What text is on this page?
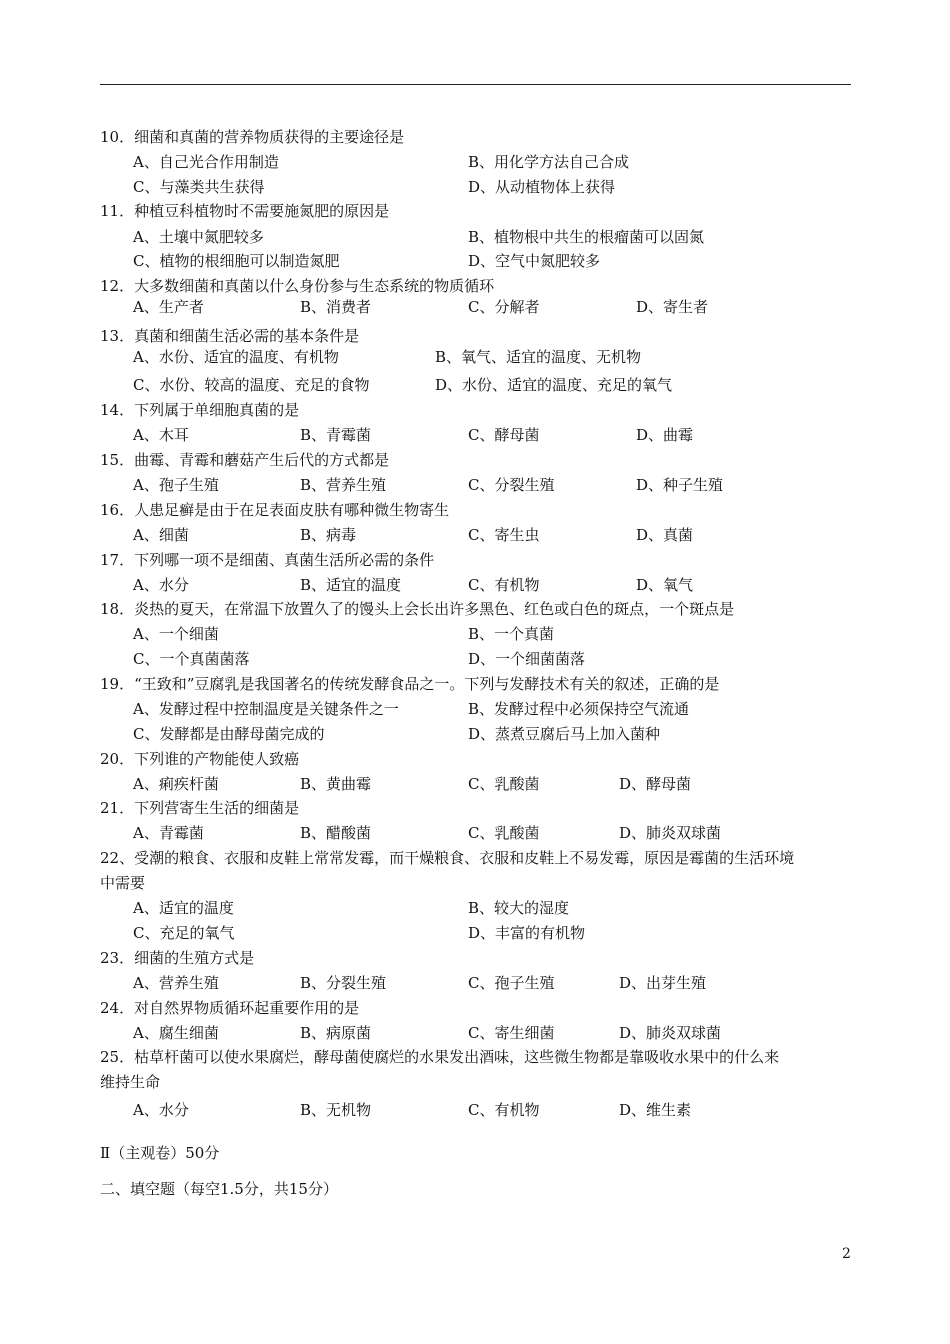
10．细菌和真菌的营养物质获得的主要途径是
A、自己光合作用制造	B、用化学方法自己合成
C、与藻类共生获得	D、从动植物体上获得
11．种植豆科植物时不需要施氮肥的原因是
A、土壤中氮肥较多	B、植物根中共生的根瘤菌可以固氮
C、植物的根细胞可以制造氮肥	D、空气中氮肥较多
12．大多数细菌和真菌以什么身份参与生态系统的物质循环
A、生产者	B、消费者	C、分解者	D、寄生者
13．真菌和细菌生活必需的基本条件是
A、水份、适宜的温度、有机物	B、氧气、适宜的温度、无机物
C、水份、较高的温度、充足的食物	D、水份、适宜的温度、充足的氧气
14．下列属于单细胞真菌的是
A、木耳	B、青霉菌	C、酵母菌	D、曲霉
15．曲霉、青霉和蘑菇产生后代的方式都是
A、孢子生殖	B、营养生殖	C、分裂生殖	D、种子生殖
16．人患足癣是由于在足表面皮肤有哪种微生物寄生
A、细菌	B、病毒	C、寄生虫	D、真菌
17．下列哪一项不是细菌、真菌生活所必需的条件
A、水分	B、适宜的温度	C、有机物	D、氧气
18．炎热的夏天，在常温下放置久了的馒头上会长出许多黑色、红色或白色的斑点，一个斑点是
A、一个细菌	B、一个真菌
C、一个真菌菌落	D、一个细菌菌落
19．“王致和”豆腐乳是我国著名的传统发酵食品之一。下列与发酵技术有关的叙述，正确的是
A、发酵过程中控制温度是关键条件之一	B、发酵过程中必须保持空气流通
C、发酵都是由酵母菌完成的	D、蒸煮豆腐后马上加入菌种
20．下列谁的产物能使人致癌
A、痢疾杆菌	B、黄曲霉	C、乳酸菌	D、酵母菌
21．下列营寄生生活的细菌是
A、青霉菌	B、醋酸菌	C、乳酸菌	D、肺炎双球菌
22、受潮的粮食、衣服和皮鞋上常常发霉，而干燥粮食、衣服和皮鞋上不易发霉，原因是霉菌的生活环境
中需要
A、适宜的温度	B、较大的湿度
C、充足的氧气	D、丰富的有机物
23．细菌的生殖方式是
A、营养生殖	B、分裂生殖	C、孢子生殖	D、出芽生殖
24．对自然界物质循环起重要作用的是
A、腐生细菌	B、病原菌	C、寄生细菌	D、肺炎双球菌
25．枯草杆菌可以使水果腐烂，酵母菌使腐烂的水果发出酒味，这些微生物都是靠吸收水果中的什么来
维持生命
A、水分	B、无机物	C、有机物	D、维生素
Ⅱ（主观卷）50分
二、填空题（每空1.5分，共15分）
2
